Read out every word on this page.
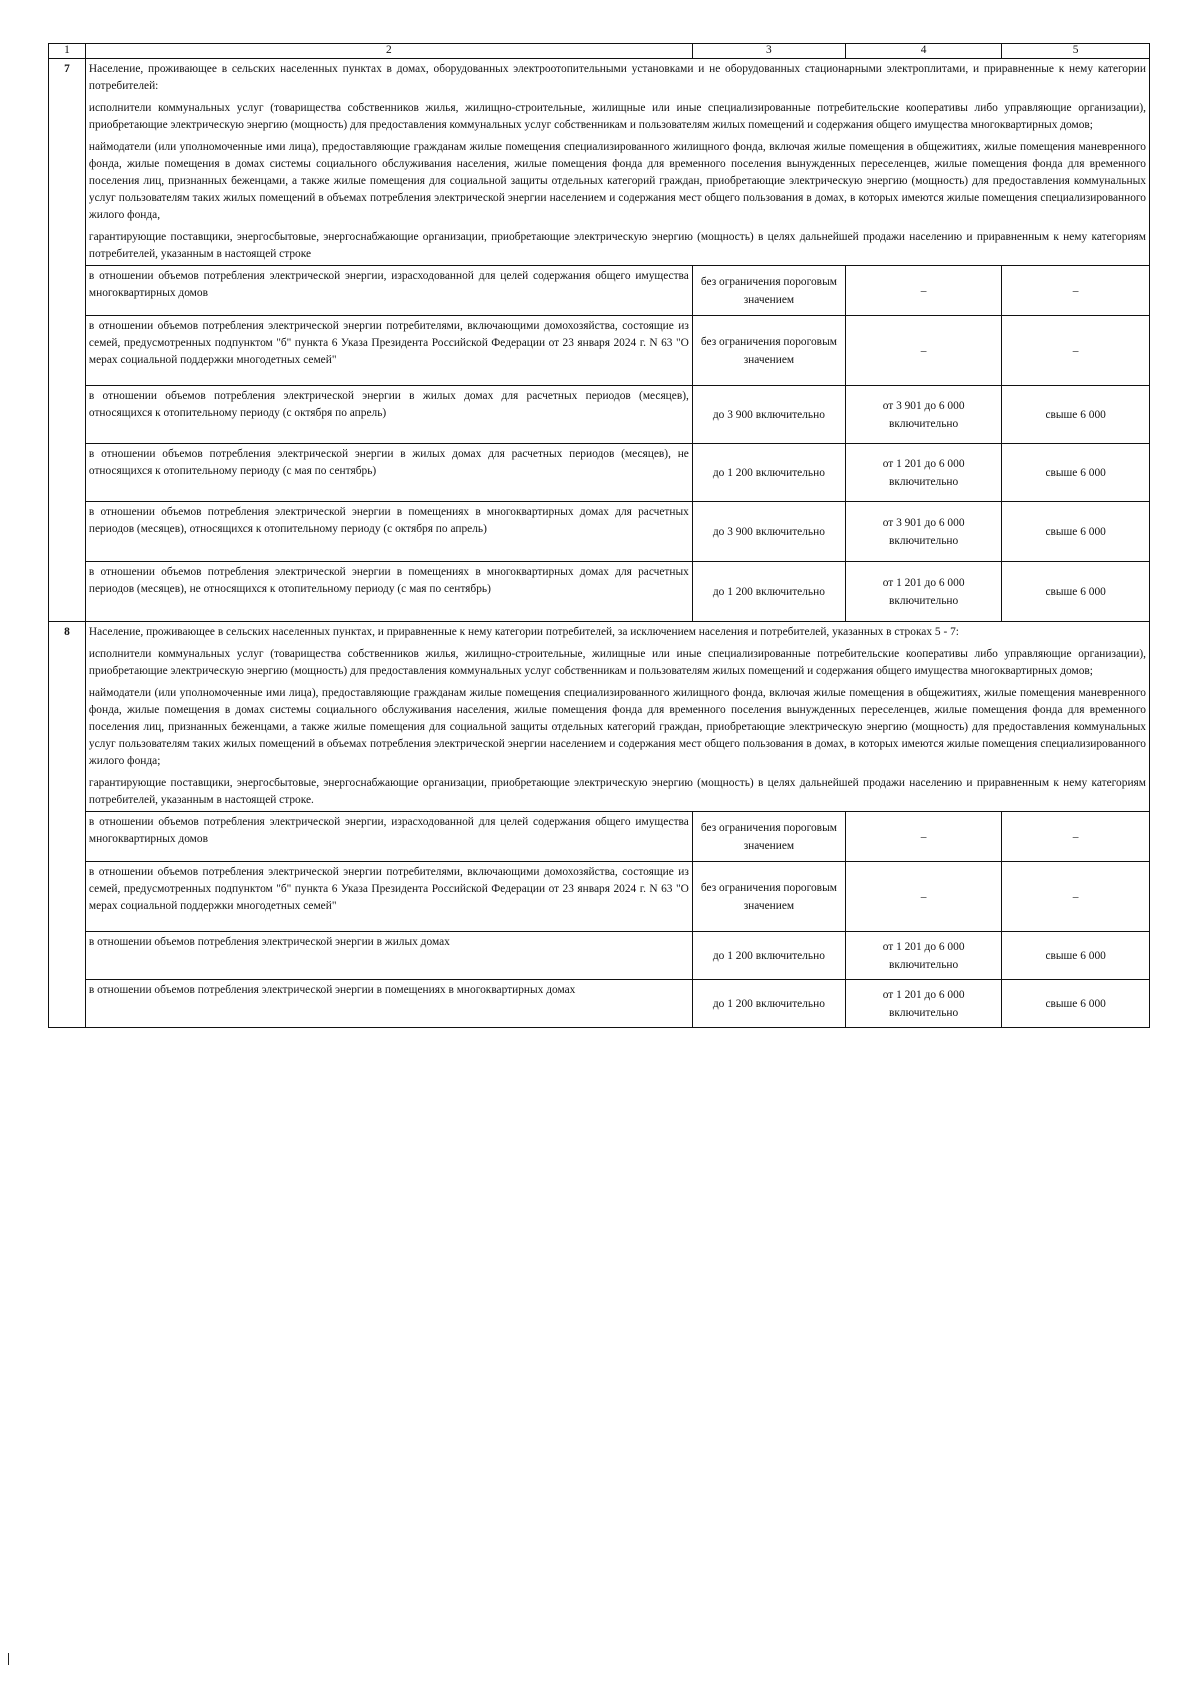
1	2	3	4	5
7	Население, проживающее в сельских населенных пунктах в домах, оборудованных электроотопительными установками и не оборудованных стационарными электроплитами, и приравненные к нему категории потребителей:

исполнители коммунальных услуг (товарищества собственников жилья, жилищно-строительные, жилищные или иные специализированные потребительские кооперативы либо управляющие организации), приобретающие электрическую энергию (мощность) для предоставления коммунальных услуг собственникам и пользователям жилых помещений и содержания общего имущества многоквартирных домов;

наймодатели (или уполномоченные ими лица), предоставляющие гражданам жилые помещения специализированного жилищного фонда, включая жилые помещения в общежитиях, жилые помещения маневренного фонда, жилые помещения в домах системы социального обслуживания населения, жилые помещения фонда для временного поселения вынужденных переселенцев, жилые помещения фонда для временного поселения лиц, признанных беженцами, а также жилые помещения для социальной защиты отдельных категорий граждан, приобретающие электрическую энергию (мощность) для предоставления коммунальных услуг пользователям таких жилых помещений в объемах потребления электрической энергии населением и содержания мест общего пользования в домах, в которых имеются жилые помещения специализированного жилого фонда,

гарантирующие поставщики, энергосбытовые, энергоснабжающие организации, приобретающие электрическую энергию (мощность) в целях дальнейшей продажи населению и приравненным к нему категориям потребителей, указанным в настоящей строке			

	в отношении объемов потребления электрической энергии, израсходованной для целей содержания общего имущества многоквартирных домов	без ограничения пороговым значением	–	–
	в отношении объемов потребления электрической энергии потребителями, включающими домохозяйства, состоящие из семей, предусмотренных подпунктом "б" пункта 6 Указа Президента Российской Федерации от 23 января 2024 г. N 63 "О мерах социальной поддержки многодетных семей"	без ограничения пороговым значением	–	–
	в отношении объемов потребления электрической энергии в жилых домах для расчетных периодов (месяцев), относящихся к отопительному периоду (с октября по апрель)	до 3 900 включительно	от 3 901 до 6 000 включительно	свыше 6 000
	в отношении объемов потребления электрической энергии в жилых домах для расчетных периодов (месяцев), не относящихся к отопительному периоду (с мая по сентябрь)	до 1 200 включительно	от 1 201 до 6 000 включительно	свыше 6 000
	в отношении объемов потребления электрической энергии в помещениях в многоквартирных домах для расчетных периодов (месяцев), относящихся к отопительному периоду (с октября по апрель)	до 3 900 включительно	от 3 901 до 6 000 включительно	свыше 6 000
	в отношении объемов потребления электрической энергии в помещениях в многоквартирных домах для расчетных периодов (месяцев), не относящихся к отопительному периоду (с мая по сентябрь)	до 1 200 включительно	от 1 201 до 6 000 включительно	свыше 6 000
8	Население, проживающее в сельских населенных пунктах, и приравненные к нему категории потребителей, за исключением населения и потребителей, указанных в строках 5 - 7:

исполнители коммунальных услуг (товарищества собственников жилья, жилищно-строительные, жилищные или иные специализированные потребительские кооперативы либо управляющие организации), приобретающие электрическую энергию (мощность) для предоставления коммунальных услуг собственникам и пользователям жилых помещений и содержания общего имущества многоквартирных домов;

наймодатели (или уполномоченные ими лица), предоставляющие гражданам жилые помещения специализированного жилищного фонда, включая жилые помещения в общежитиях, жилые помещения маневренного фонда, жилые помещения в домах системы социального обслуживания населения, жилые помещения фонда для временного поселения вынужденных переселенцев, жилые помещения фонда для временного поселения лиц, признанных беженцами, а также жилые помещения для социальной защиты отдельных категорий граждан, приобретающие электрическую энергию (мощность) для предоставления коммунальных услуг пользователям таких жилых помещений в объемах потребления электрической энергии населением и содержания мест общего пользования в домах, в которых имеются жилые помещения специализированного жилого фонда;

гарантирующие поставщики, энергосбытовые, энергоснабжающие организации, приобретающие электрическую энергию (мощность) в целях дальнейшей продажи населению и приравненным к нему категориям потребителей, указанным в настоящей строке.			

	в отношении объемов потребления электрической энергии, израсходованной для целей содержания общего имущества многоквартирных домов	без ограничения пороговым значением	–	–
	в отношении объемов потребления электрической энергии потребителями, включающими домохозяйства, состоящие из семей, предусмотренных подпунктом "б" пункта 6 Указа Президента Российской Федерации от 23 января 2024 г. N 63 "О мерах социальной поддержки многодетных семей"	без ограничения пороговым значением	–	–
	в отношении объемов потребления электрической энергии в жилых домах	до 1 200 включительно	от 1 201 до 6 000 включительно	свыше 6 000
	в отношении объемов потребления электрической энергии в помещениях в многоквартирных домах	до 1 200 включительно	от 1 201 до 6 000 включительно	свыше 6 000
